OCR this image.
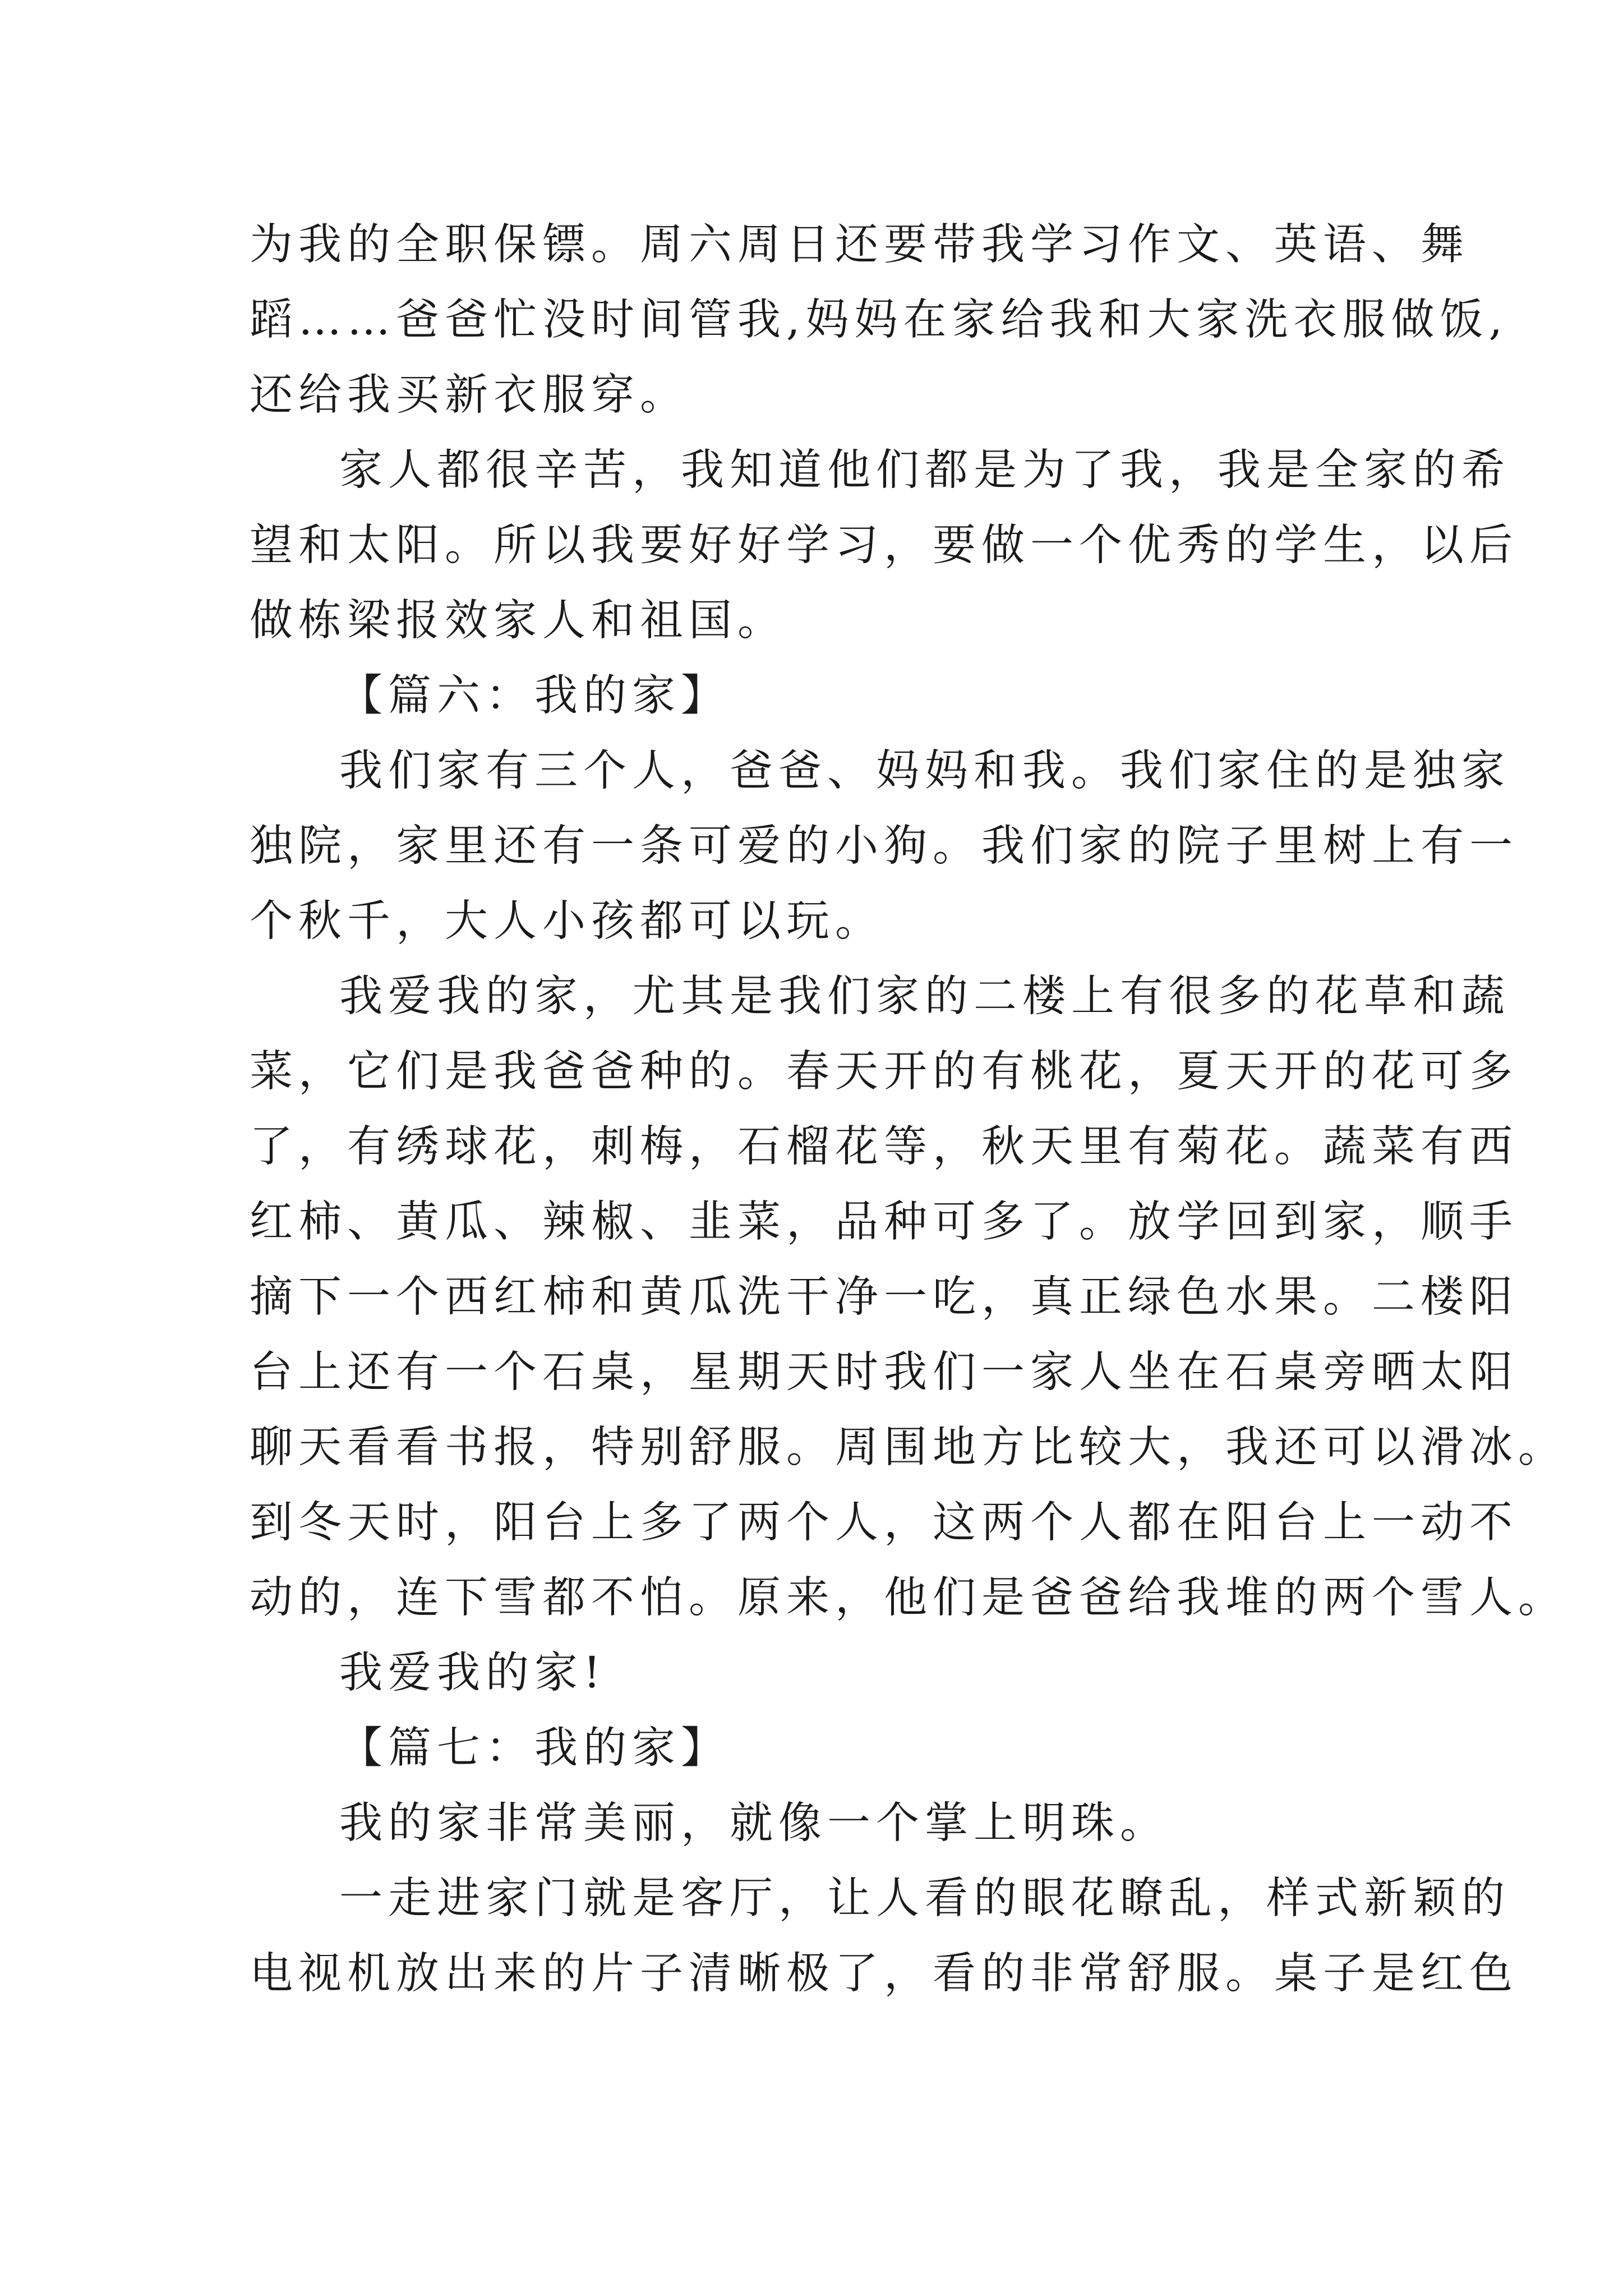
为我的全职保镖。周六周日还要带我学习作文、英语、舞
蹈……爸爸忙没时间管我,妈妈在家给我和大家洗衣服做饭,
还给我买新衣服穿。
家人都很辛苦，我知道他们都是为了我，我是全家的希
望和太阳。所以我要好好学习，要做一个优秀的学生，以后
做栋梁报效家人和祖国。
【篇六：我的家】
我们家有三个人，爸爸、妈妈和我。我们家住的是独家
独院，家里还有一条可爱的小狗。我们家的院子里树上有一
个秋千，大人小孩都可以玩。
我爱我的家，尤其是我们家的二楼上有很多的花草和蔬
菜，它们是我爸爸种的。春天开的有桃花，夏天开的花可多
了，有绣球花，刺梅，石榴花等，秋天里有菊花。蔬菜有西
红柿、黄瓜、辣椒、韭菜，品种可多了。放学回到家，顺手
摘下一个西红柿和黄瓜洗干净一吃，真正绿色水果。二楼阳
台上还有一个石桌，星期天时我们一家人坐在石桌旁晒太阳
聊天看看书报，特别舒服。周围地方比较大，我还可以滑冰。
到冬天时，阳台上多了两个人，这两个人都在阳台上一动不
动的，连下雪都不怕。原来，他们是爸爸给我堆的两个雪人。
我爱我的家!
【篇七：我的家】
我的家非常美丽，就像一个掌上明珠。
一走进家门就是客厅，让人看的眼花瞭乱，样式新颖的
电视机放出来的片子清晰极了，看的非常舒服。桌子是红色
